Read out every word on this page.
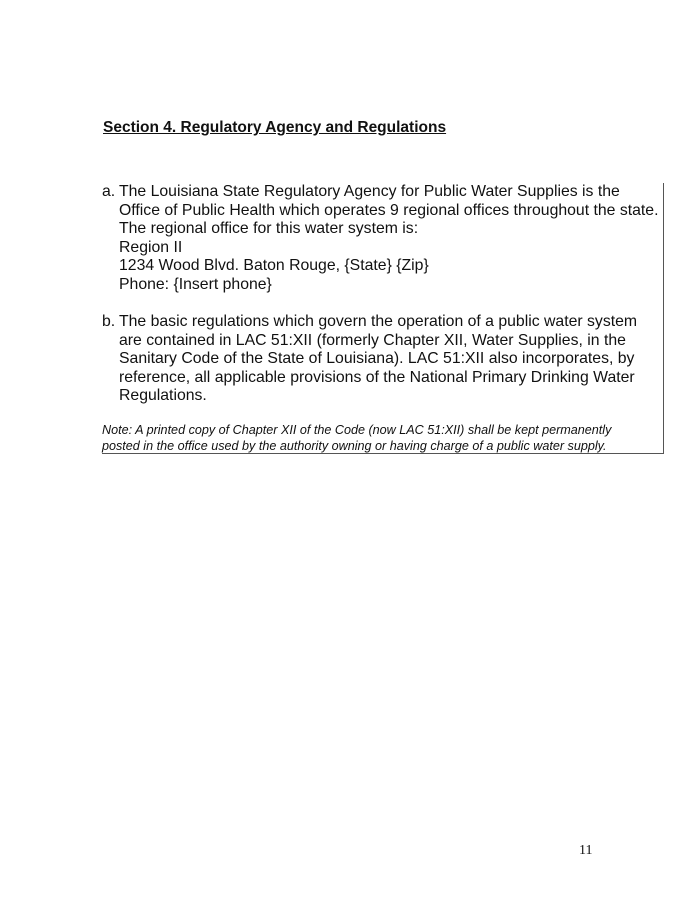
Section 4. Regulatory Agency and Regulations
a. The Louisiana State Regulatory Agency for Public Water Supplies is the
Office of Public Health which operates 9 regional offices throughout the state.
The regional office for this water system is:
Region II
1234 Wood Blvd. Baton Rouge, {State} {Zip}
Phone: {Insert phone}
b. The basic regulations which govern the operation of a public water system
are contained in LAC 51:XII (formerly Chapter XII, Water Supplies, in the
Sanitary Code of the State of Louisiana). LAC 51:XII also incorporates, by
reference, all applicable provisions of the National Primary Drinking Water
Regulations.
Note: A printed copy of Chapter XII of the Code (now LAC 51:XII) shall be kept permanently
posted in the office used by the authority owning or having charge of a public water supply.
11
